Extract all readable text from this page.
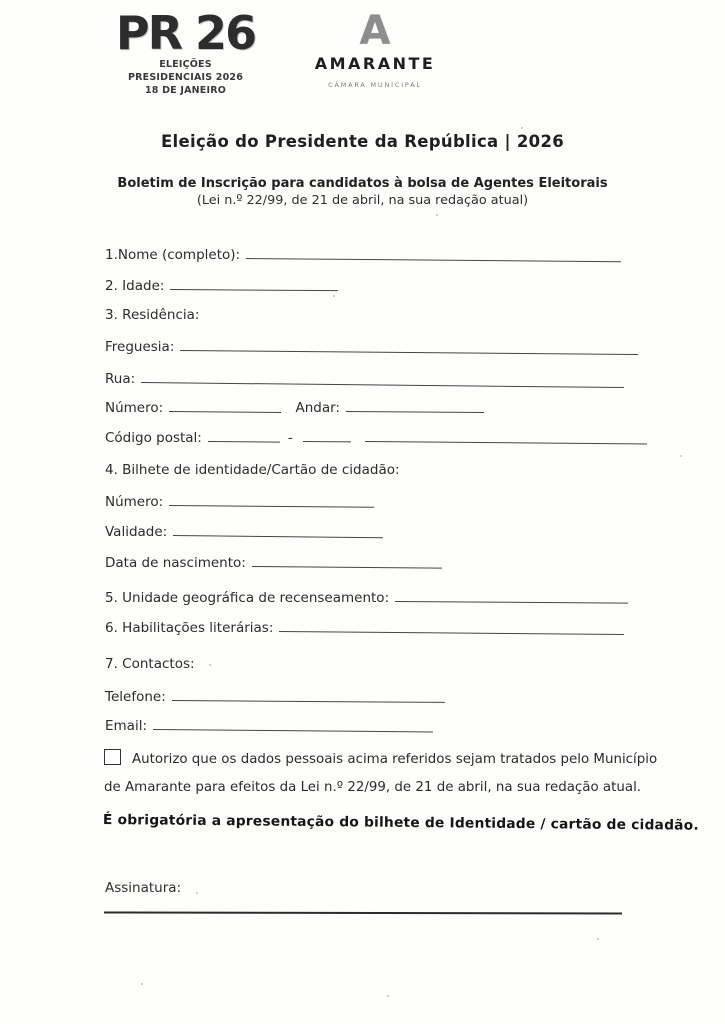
PR 26
ELEIÇÕES
PRESIDENCIAIS 2026
18 DE JANEIRO
A
AMARANTE
CÂMARA MUNICIPAL
Eleição do Presidente da República | 2026
Boletim de Inscrição para candidatos à bolsa de Agentes Eleitorais
(Lei n.º 22/99, de 21 de abril, na sua redação atual)
1.Nome (completo):
2. Idade:
3. Residência:
Freguesia:
Rua:
Número:	Andar:
Código postal:	-
4. Bilhete de identidade/Cartão de cidadão:
Número:
Validade:
Data de nascimento:
5. Unidade geográfica de recenseamento:
6. Habilitações literárias:
7. Contactos:
Telefone:
Email:
Autorizo que os dados pessoais acima referidos sejam tratados pelo Município
de Amarante para efeitos da Lei n.º 22/99, de 21 de abril, na sua redação atual.
É obrigatória a apresentação do bilhete de Identidade / cartão de cidadão.
Assinatura:
